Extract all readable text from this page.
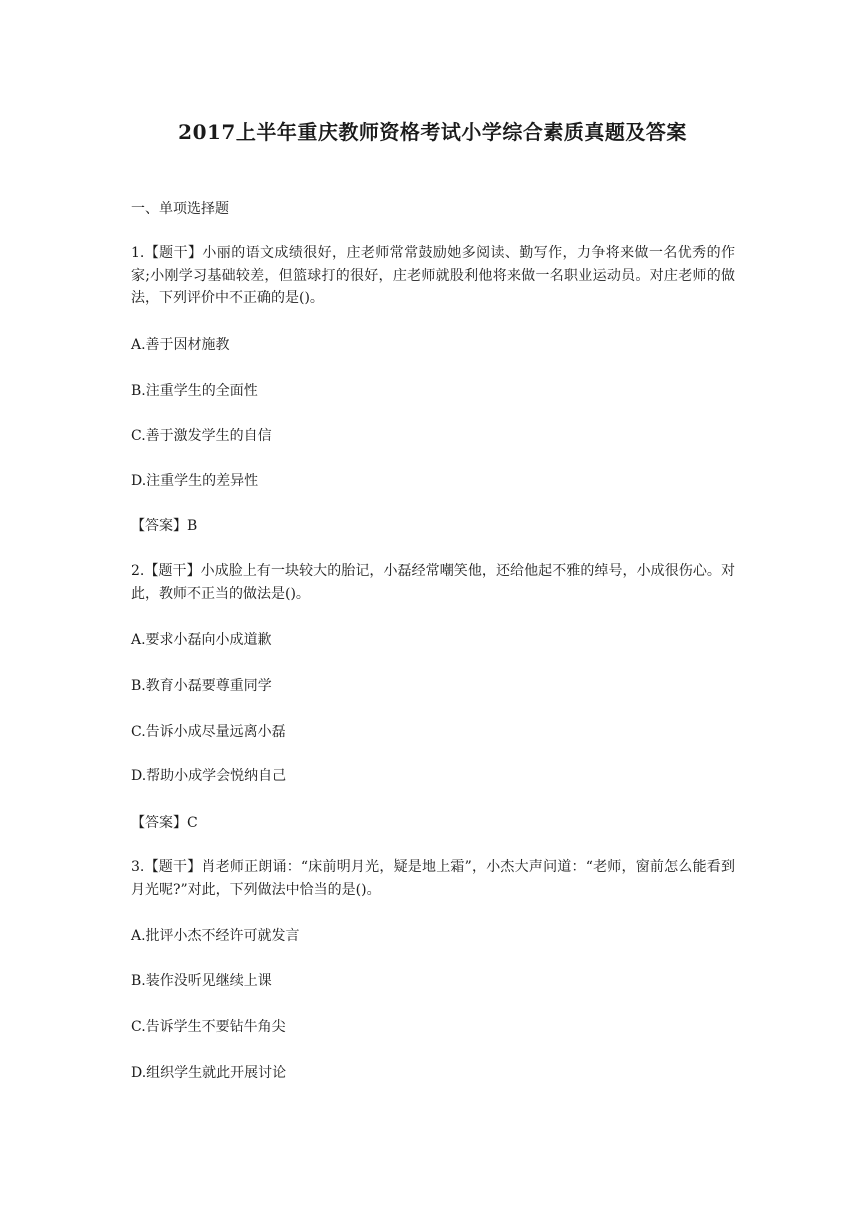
2017上半年重庆教师资格考试小学综合素质真题及答案
一、单项选择题
1.【题干】小丽的语文成绩很好，庄老师常常鼓励她多阅读、勤写作，力争将来做一名优秀的作家;小刚学习基础较差，但篮球打的很好，庄老师就股利他将来做一名职业运动员。对庄老师的做法，下列评价中不正确的是()。
A.善于因材施教
B.注重学生的全面性
C.善于激发学生的自信
D.注重学生的差异性
【答案】B
2.【题干】小成脸上有一块较大的胎记，小磊经常嘲笑他，还给他起不雅的绰号，小成很伤心。对此，教师不正当的做法是()。
A.要求小磊向小成道歉
B.教育小磊要尊重同学
C.告诉小成尽量远离小磊
D.帮助小成学会悦纳自己
【答案】C
3.【题干】肖老师正朗诵：“床前明月光，疑是地上霜”，小杰大声问道：“老师，窗前怎么能看到月光呢?”对此，下列做法中恰当的是()。
A.批评小杰不经许可就发言
B.装作没听见继续上课
C.告诉学生不要钻牛角尖
D.组织学生就此开展讨论
